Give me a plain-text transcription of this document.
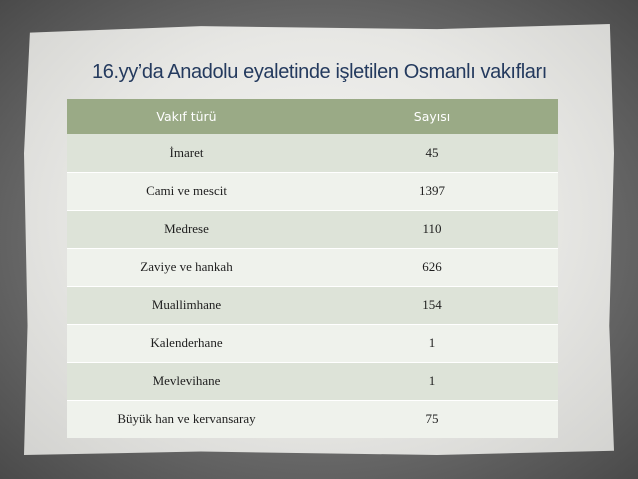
16.yy’da Anadolu eyaletinde işletilen Osmanlı vakıfları
Vakıf türü	Sayısı
İmaret	45
Cami ve mescit	1397
Medrese	110
Zaviye ve hankah	626
Muallimhane	154
Kalenderhane	1
Mevlevihane	1
Büyük han ve kervansaray	75
